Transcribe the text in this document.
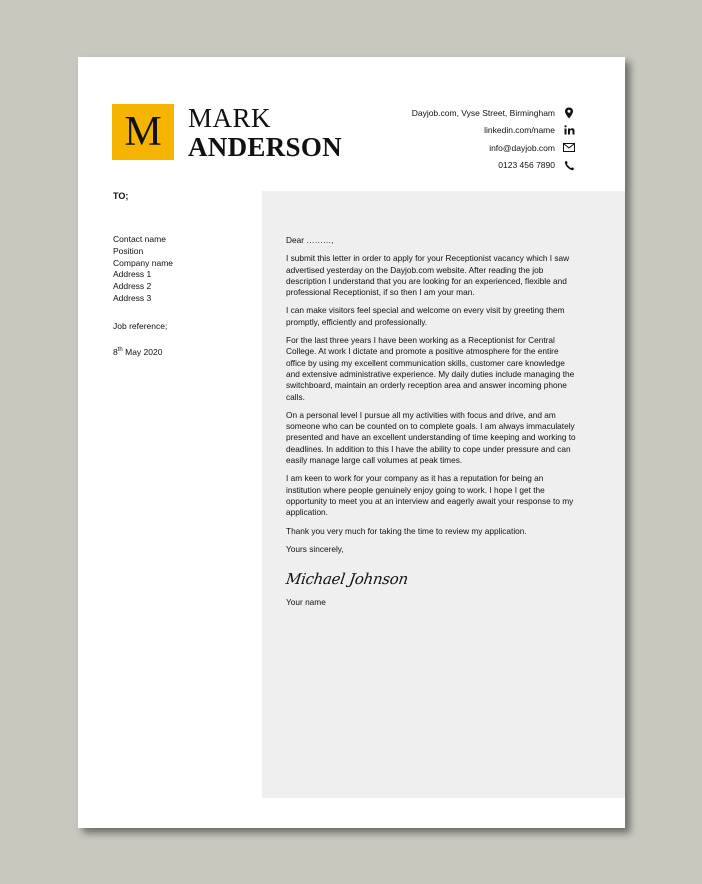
M MARK
ANDERSON
Dayjob.com, Vyse Street, Birmingham
linkedin.com/name
info@dayjob.com
0123 456 7890
TO;
Contact name
Position
Company name
Address 1
Address 2
Address 3
Job reference;
8th May 2020

Dear ………,

I submit this letter in order to apply for your Receptionist vacancy which I saw advertised yesterday on the Dayjob.com website. After reading the job description I understand that you are looking for an experienced, flexible and professional Receptionist, if so then I am your man.

I can make visitors feel special and welcome on every visit by greeting them promptly, efficiently and professionally.

For the last three years I have been working as a Receptionist for Central College. At work I dictate and promote a positive atmosphere for the entire office by using my excellent communication skills, customer care knowledge and extensive administrative experience. My daily duties include managing the switchboard, maintain an orderly reception area and answer incoming phone calls.

On a personal level I pursue all my activities with focus and drive, and am someone who can be counted on to complete goals. I am always immaculately presented and have an excellent understanding of time keeping and working to deadlines. In addition to this I have the ability to cope under pressure and can easily manage large call volumes at peak times.

I am keen to work for your company as it has a reputation for being an institution where people genuinely enjoy going to work. I hope I get the opportunity to meet you at an interview and eagerly await your response to my application.

Thank you very much for taking the time to review my application.

Yours sincerely,

Michael Johnson

Your name
